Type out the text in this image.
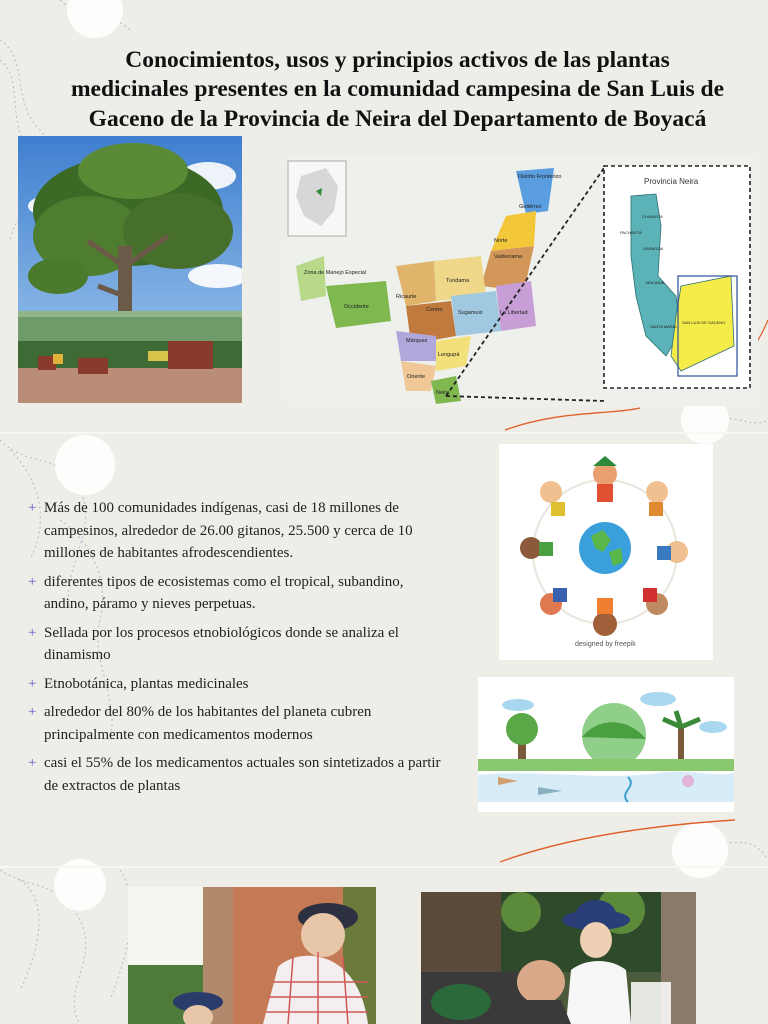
Conocimientos, usos y principios activos de las plantas medicinales presentes en la comunidad campesina de San Luis de Gaceno de la Provincia de Neira del Departamento de Boyacá
Distrito Fronterizo
Gutiérrez
Norte
Valderrama
Zona de Manejo Especial
Ricaurte
Tundama
Occidente	Centro	Sugamuxi	La Libertad
Márquez
Lengupá
Oriente
Neira
Provincia Neira
CHINAVITA
PACHAVITA
GARAGOA
MACANAL
SANTA MARÍA
SAN LUIS DE GACENO
+ Más de 100 comunidades indígenas, casi de 18 millones de campesinos, alrededor de 26.00 gitanos, 25.500 y cerca de 10 millones de habitantes afrodescendientes.
+ diferentes tipos de ecosistemas como el tropical, subandino, andino, páramo y nieves perpetuas.
+ Sellada por los procesos etnobiológicos donde se analiza el dinamismo
+ Etnobotánica, plantas medicinales
+ alrededor del 80% de los habitantes del planeta cubren principalmente con medicamentos modernos
+ casi el 55% de los medicamentos actuales son sintetizados a partir de extractos de plantas
designed by freepik
